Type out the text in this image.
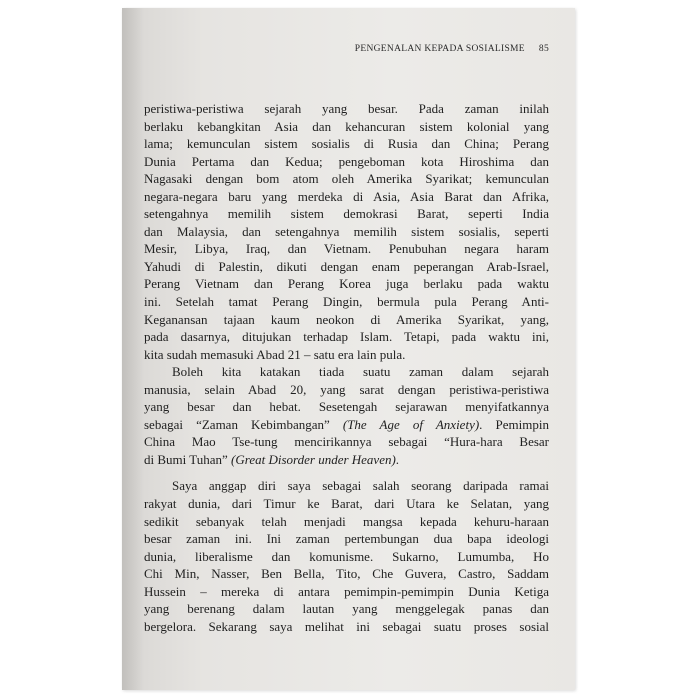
PENGENALAN KEPADA SOSIALISME 85
peristiwa-peristiwa sejarah yang besar. Pada zaman inilah
berlaku kebangkitan Asia dan kehancuran sistem kolonial yang
lama; kemunculan sistem sosialis di Rusia dan China; Perang
Dunia Pertama dan Kedua; pengeboman kota Hiroshima dan
Nagasaki dengan bom atom oleh Amerika Syarikat; kemunculan
negara-negara baru yang merdeka di Asia, Asia Barat dan Afrika,
setengahnya memilih sistem demokrasi Barat, seperti India
dan Malaysia, dan setengahnya memilih sistem sosialis, seperti
Mesir, Libya, Iraq, dan Vietnam. Penubuhan negara haram
Yahudi di Palestin, dikuti dengan enam peperangan Arab-Israel,
Perang Vietnam dan Perang Korea juga berlaku pada waktu
ini. Setelah tamat Perang Dingin, bermula pula Perang Anti-
Keganansan tajaan kaum neokon di Amerika Syarikat, yang,
pada dasarnya, ditujukan terhadap Islam. Tetapi, pada waktu ini,
kita sudah memasuki Abad 21 – satu era lain pula.
Boleh kita katakan tiada suatu zaman dalam sejarah
manusia, selain Abad 20, yang sarat dengan peristiwa-peristiwa
yang besar dan hebat. Sesetengah sejarawan menyifatkannya
sebagai “Zaman Kebimbangan” (The Age of Anxiety). Pemimpin
China Mao Tse-tung mencirikannya sebagai “Hura-hara Besar
di Bumi Tuhan” (Great Disorder under Heaven).
Saya anggap diri saya sebagai salah seorang daripada ramai
rakyat dunia, dari Timur ke Barat, dari Utara ke Selatan, yang
sedikit sebanyak telah menjadi mangsa kepada kehuru-haraan
besar zaman ini. Ini zaman pertembungan dua bapa ideologi
dunia, liberalisme dan komunisme. Sukarno, Lumumba, Ho
Chi Min, Nasser, Ben Bella, Tito, Che Guvera, Castro, Saddam
Hussein – mereka di antara pemimpin-pemimpin Dunia Ketiga
yang berenang dalam lautan yang menggelegak panas dan
bergelora. Sekarang saya melihat ini sebagai suatu proses sosial
